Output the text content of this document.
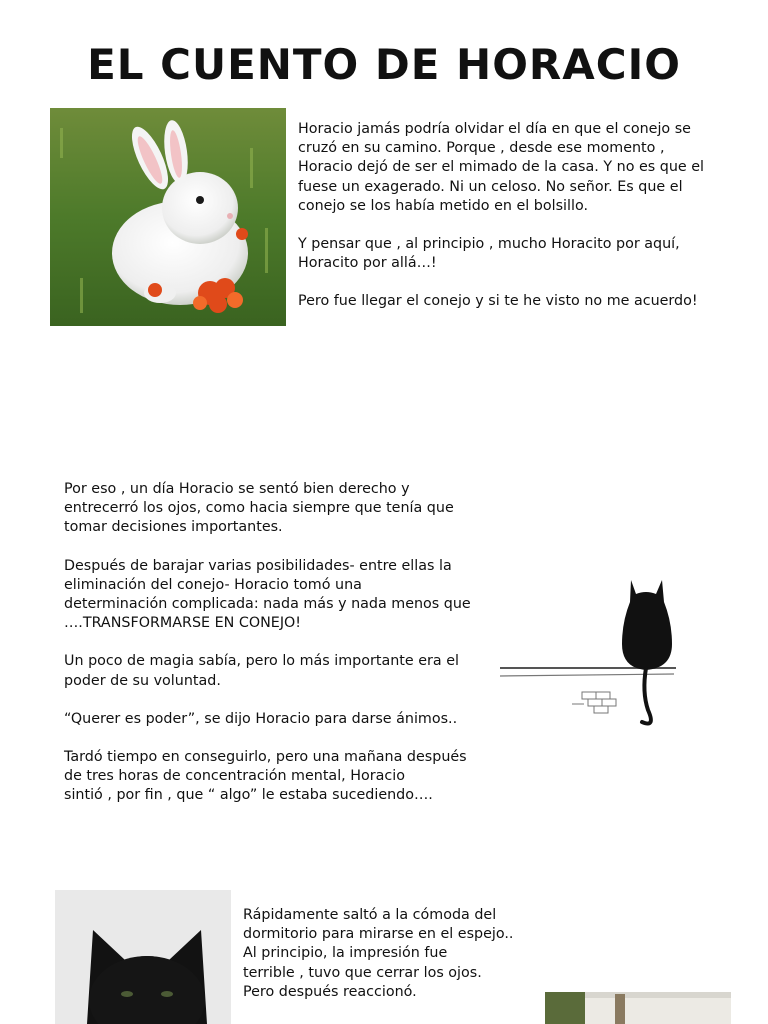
EL CUENTO DE HORACIO

Horacio jamás podría olvidar el día en que el conejo se
cruzó en su camino. Porque , desde ese momento ,
Horacio dejó de ser el mimado de la casa. Y no es que el
fuese un exagerado. Ni un celoso. No señor. Es que el
conejo se los había metido en el bolsillo.

Y pensar que , al principio , mucho Horacito por aquí,
Horacito por allá…!

Pero fue llegar el conejo y si te he visto no me acuerdo!

Por eso , un día Horacio se sentó bien derecho y
entrecerró los ojos, como hacia siempre que tenía que
tomar decisiones importantes.

Después de barajar varias posibilidades- entre ellas la
eliminación del conejo- Horacio tomó una
determinación complicada: nada más y nada menos que
….TRANSFORMARSE EN CONEJO!

Un poco de magia sabía, pero lo más importante era el
poder de su voluntad.

“Querer es poder”, se dijo Horacio para darse ánimos..

Tardó tiempo en conseguirlo, pero una mañana después
de tres horas de concentración mental, Horacio
sintió , por fin , que “ algo” le estaba sucediendo….

Rápidamente saltó a la cómoda del
dormitorio para mirarse en el espejo..
Al principio, la impresión fue
terrible , tuvo que cerrar los ojos.
Pero después reaccionó.
